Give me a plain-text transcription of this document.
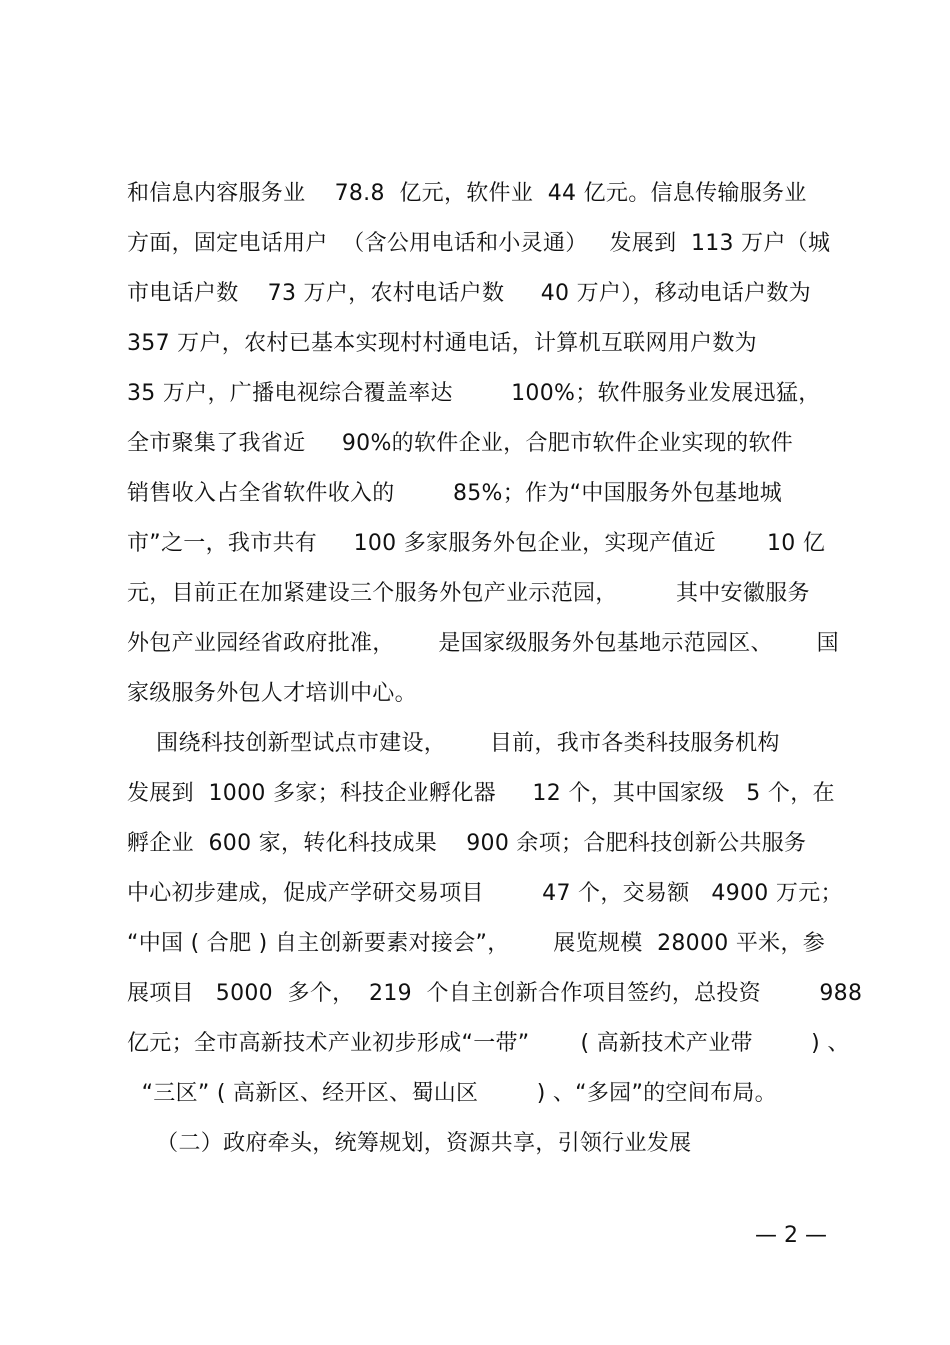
和信息内容服务业    78.8  亿元，软件业  44 亿元。信息传输服务业
方面，固定电话用户  （含公用电话和小灵通）   发展到  113 万户（城
市电话户数    73 万户，农村电话户数     40 万户），移动电话户数为
357 万户，农村已基本实现村村通电话，计算机互联网用户数为
35 万户，广播电视综合覆盖率达        100%；软件服务业发展迅猛，
全市聚集了我省近     90%的软件企业，合肥市软件企业实现的软件
销售收入占全省软件收入的        85%；作为“中国服务外包基地城
市”之一，我市共有     100 多家服务外包企业，实现产值近       10 亿
元，目前正在加紧建设三个服务外包产业示范园，        其中安徽服务
外包产业园经省政府批准，      是国家级服务外包基地示范园区、      国
家级服务外包人才培训中心。
围绕科技创新型试点市建设，      目前，我市各类科技服务机构
发展到  1000 多家；科技企业孵化器     12 个，其中国家级   5 个，在
孵企业  600 家，转化科技成果    900 余项；合肥科技创新公共服务
中心初步建成，促成产学研交易项目        47 个，交易额   4900 万元；
“中国 ( 合肥 ) 自主创新要素对接会”，      展览规模  28000 平米，参
展项目   5000  多个，  219  个自主创新合作项目签约，总投资        988
亿元；全市高新技术产业初步形成“一带”       ( 高新技术产业带        ) 、
“三区” ( 高新区、经开区、蜀山区        ) 、“多园”的空间布局。
（二）政府牵头，统筹规划，资源共享，引领行业发展
— 2 —
